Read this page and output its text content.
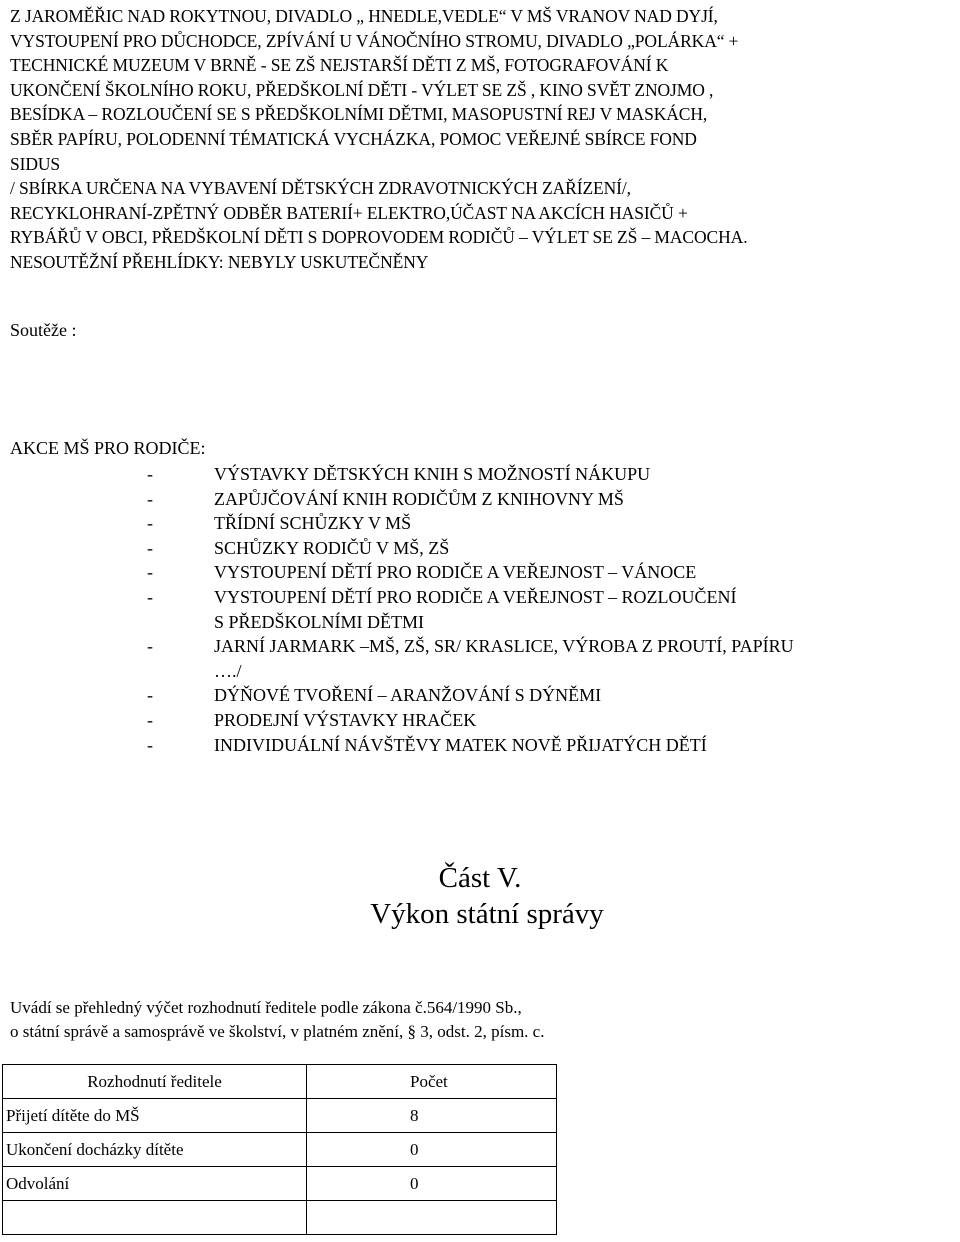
Z JAROMĚŘIC NAD ROKYTNOU, DIVADLO „ HNEDLE,VEDLE“ V MŠ VRANOV NAD DYJÍ,
VYSTOUPENÍ PRO DŮCHODCE, ZPÍVÁNÍ U VÁNOČNÍHO STROMU, DIVADLO „POLÁRKA“ +
TECHNICKÉ MUZEUM V BRNĚ - SE ZŠ NEJSTARŠÍ DĚTI Z MŠ, FOTOGRAFOVÁNÍ K
UKONČENÍ ŠKOLNÍHO ROKU, PŘEDŠKOLNÍ DĚTI - VÝLET SE ZŠ , KINO SVĚT ZNOJMO ,
BESÍDKA – ROZLOUČENÍ SE S PŘEDŠKOLNÍMI DĚTMI, MASOPUSTNÍ REJ V MASKÁCH,
SBĚR PAPÍRU, POLODENNÍ TÉMATICKÁ VYCHÁZKA, POMOC VEŘEJNÉ SBÍRCE FOND
SIDUS
/ SBÍRKA URČENA NA VYBAVENÍ DĚTSKÝCH ZDRAVOTNICKÝCH ZAŘÍZENÍ/,
RECYKLOHRANÍ-ZPĚTNÝ ODBĚR BATERIÍ+ ELEKTRO,ÚČAST NA AKCÍCH HASIČŮ +
RYBÁŘŮ V OBCI, PŘEDŠKOLNÍ DĚTI S DOPROVODEM RODIČŮ – VÝLET SE ZŠ – MACOCHA.
NESOUTĚŽNÍ PŘEHLÍDKY: NEBYLY USKUTEČNĚNY
Soutěže :
AKCE MŠ PRO RODIČE:
-	VÝSTAVKY DĚTSKÝCH KNIH S MOŽNOSTÍ NÁKUPU
-	ZAPŮJČOVÁNÍ KNIH RODIČŮM Z KNIHOVNY MŠ
-	TŘÍDNÍ SCHŮZKY V MŠ
-	SCHŮZKY RODIČŮ V MŠ, ZŠ
-	VYSTOUPENÍ DĚTÍ PRO RODIČE A VEŘEJNOST – VÁNOCE
-	VYSTOUPENÍ DĚTÍ PRO RODIČE A VEŘEJNOST – ROZLOUČENÍ
S PŘEDŠKOLNÍMI DĚTMI
-	JARNÍ JARMARK –MŠ, ZŠ, SR/ KRASLICE, VÝROBA Z PROUTÍ, PAPÍRU
…./
-	DÝŇOVÉ TVOŘENÍ – ARANŽOVÁNÍ S DÝNĚMI
-	PRODEJNÍ VÝSTAVKY HRAČEK
-	INDIVIDUÁLNÍ NÁVŠTĚVY MATEK NOVĚ PŘIJATÝCH DĚTÍ
Část V.
Výkon státní správy
Uvádí se přehledný výčet rozhodnutí ředitele podle zákona č.564/1990 Sb.,
o státní správě a samosprávě ve školství, v platném znění, § 3, odst. 2, písm. c.
Rozhodnutí ředitele	Počet
Přijetí dítěte do MŠ	8
Ukončení docházky dítěte	0
Odvolání	0
